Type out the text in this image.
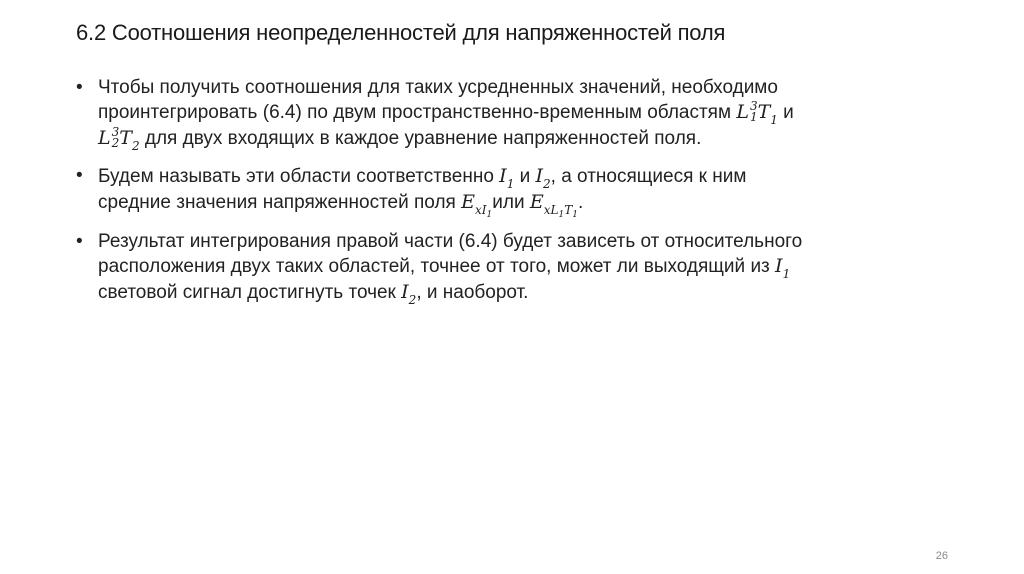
6.2 Соотношения неопределенностей для напряженностей поля
• Чтобы получить соотношения для таких усредненных значений, необходимо
проинтегрировать (6.4) по двум пространственно-временным областям L 3
1 $T_1$ и
L 3
2 $T_2$ для двух входящих в каждое уравнение напряженностей поля.
• Будем называть эти области соответственно $I_1$ и $I_2$, а относящиеся к ним
средние значения напряженностей поля $E_{xI_1}или$ $E_{xL_1T_1}$.
• Результат интегрирования правой части (6.4) будет зависеть от относительного
расположения двух таких областей, точнее от того, может ли выходящий из $I_1$
световой сигнал достигнуть точек $I_2$, и наоборот.
26
